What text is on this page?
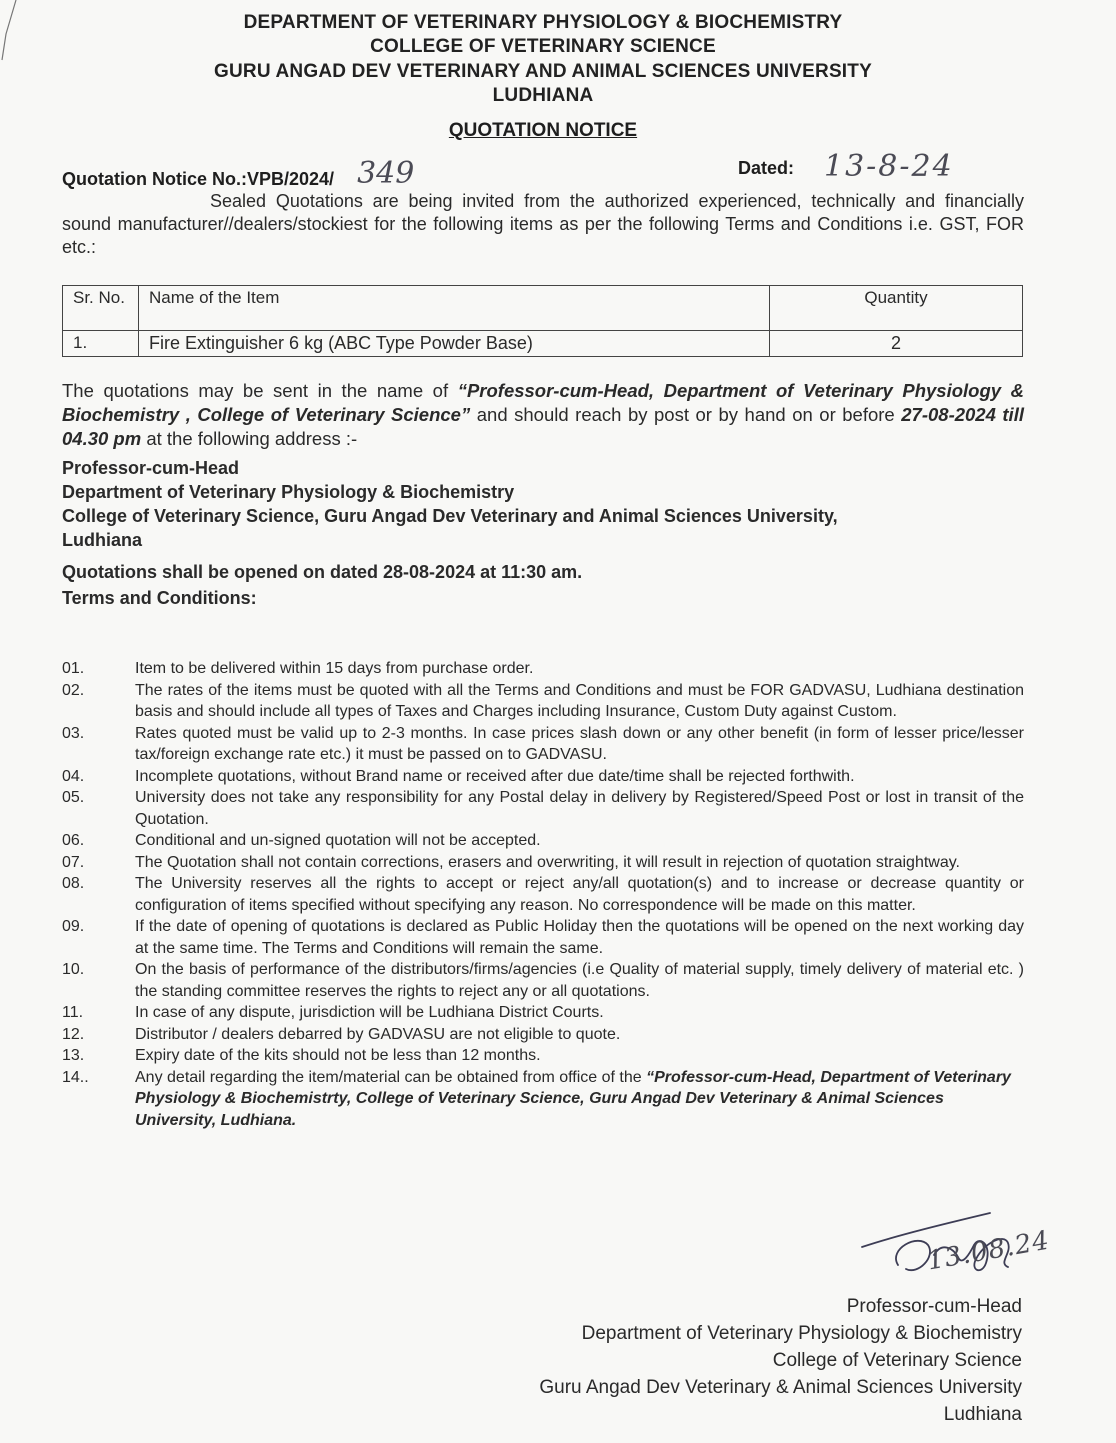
DEPARTMENT OF VETERINARY PHYSIOLOGY & BIOCHEMISTRY
COLLEGE OF VETERINARY SCIENCE
GURU ANGAD DEV VETERINARY AND ANIMAL SCIENCES UNIVERSITY
LUDHIANA
QUOTATION NOTICE
Quotation Notice No.:VPB/2024/ 349	Dated: 13-8-24
Sealed Quotations are being invited from the authorized experienced, technically and financially sound manufacturer//dealers/stockiest for the following items as per the following Terms and Conditions i.e. GST, FOR etc.:
Sr. No.	Name of the Item	Quantity
1.	Fire Extinguisher 6 kg (ABC Type Powder Base)	2
The quotations may be sent in the name of “Professor-cum-Head, Department of Veterinary Physiology & Biochemistry , College of Veterinary Science” and should reach by post or by hand on or before 27-08-2024 till 04.30 pm at the following address :-
Professor-cum-Head
Department of Veterinary Physiology & Biochemistry
College of Veterinary Science, Guru Angad Dev Veterinary and Animal Sciences University,
Ludhiana
Quotations shall be opened on dated 28-08-2024 at 11:30 am.
Terms and Conditions:
01.	Item to be delivered within 15 days from purchase order.
02.	The rates of the items must be quoted with all the Terms and Conditions and must be FOR GADVASU, Ludhiana destination basis and should include all types of Taxes and Charges including Insurance, Custom Duty against Custom.
03.	Rates quoted must be valid up to 2-3 months. In case prices slash down or any other benefit (in form of lesser price/lesser tax/foreign exchange rate etc.) it must be passed on to GADVASU.
04.	Incomplete quotations, without Brand name or received after due date/time shall be rejected forthwith.
05.	University does not take any responsibility for any Postal delay in delivery by Registered/Speed Post or lost in transit of the Quotation.
06.	Conditional and un-signed quotation will not be accepted.
07.	The Quotation shall not contain corrections, erasers and overwriting, it will result in rejection of quotation straightway.
08.	The University reserves all the rights to accept or reject any/all quotation(s) and to increase or decrease quantity or configuration of items specified without specifying any reason. No correspondence will be made on this matter.
09.	If the date of opening of quotations is declared as Public Holiday then the quotations will be opened on the next working day at the same time. The Terms and Conditions will remain the same.
10.	On the basis of performance of the distributors/firms/agencies (i.e Quality of material supply, timely delivery of material etc. ) the standing committee reserves the rights to reject any or all quotations.
11.	In case of any dispute, jurisdiction will be Ludhiana District Courts.
12.	Distributor / dealers debarred by GADVASU are not eligible to quote.
13.	Expiry date of the kits should not be less than 12 months.
14..	Any detail regarding the item/material can be obtained from office of the “Professor-cum-Head, Department of Veterinary Physiology & Biochemistrty, College of Veterinary Science, Guru Angad Dev Veterinary & Animal Sciences University, Ludhiana.
13.08.24
Professor-cum-Head
Department of Veterinary Physiology & Biochemistry
College of Veterinary Science
Guru Angad Dev Veterinary & Animal Sciences University
Ludhiana
